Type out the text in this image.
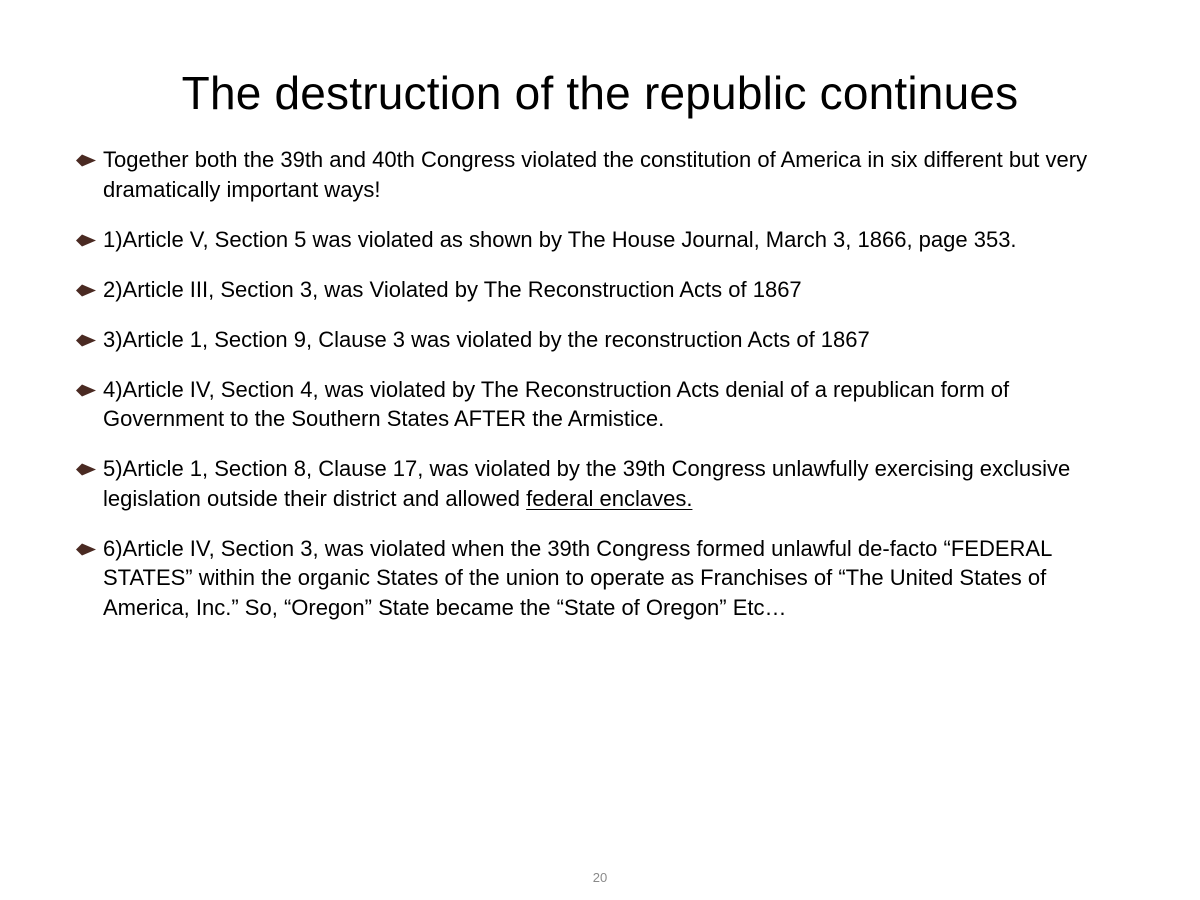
The destruction of the republic continues
Together both the 39th and 40th Congress violated the constitution of America in six different but very dramatically important ways!
1)Article V, Section 5 was violated as shown by The House Journal, March 3, 1866, page 353.
2)Article III, Section 3, was Violated by The Reconstruction Acts of 1867
3)Article 1, Section 9, Clause 3 was violated by the reconstruction Acts of 1867
4)Article IV, Section 4, was violated by The Reconstruction Acts denial of a republican form of Government to the Southern States AFTER the Armistice.
5)Article 1, Section 8, Clause 17, was violated by the 39th Congress unlawfully exercising exclusive legislation outside their district and allowed federal enclaves.
6)Article IV, Section 3, was violated when the 39th Congress formed unlawful de-facto “FEDERAL STATES” within the organic States of the union to operate as Franchises of “The United States of America, Inc.” So, “Oregon” State became the “State of Oregon” Etc…
20
